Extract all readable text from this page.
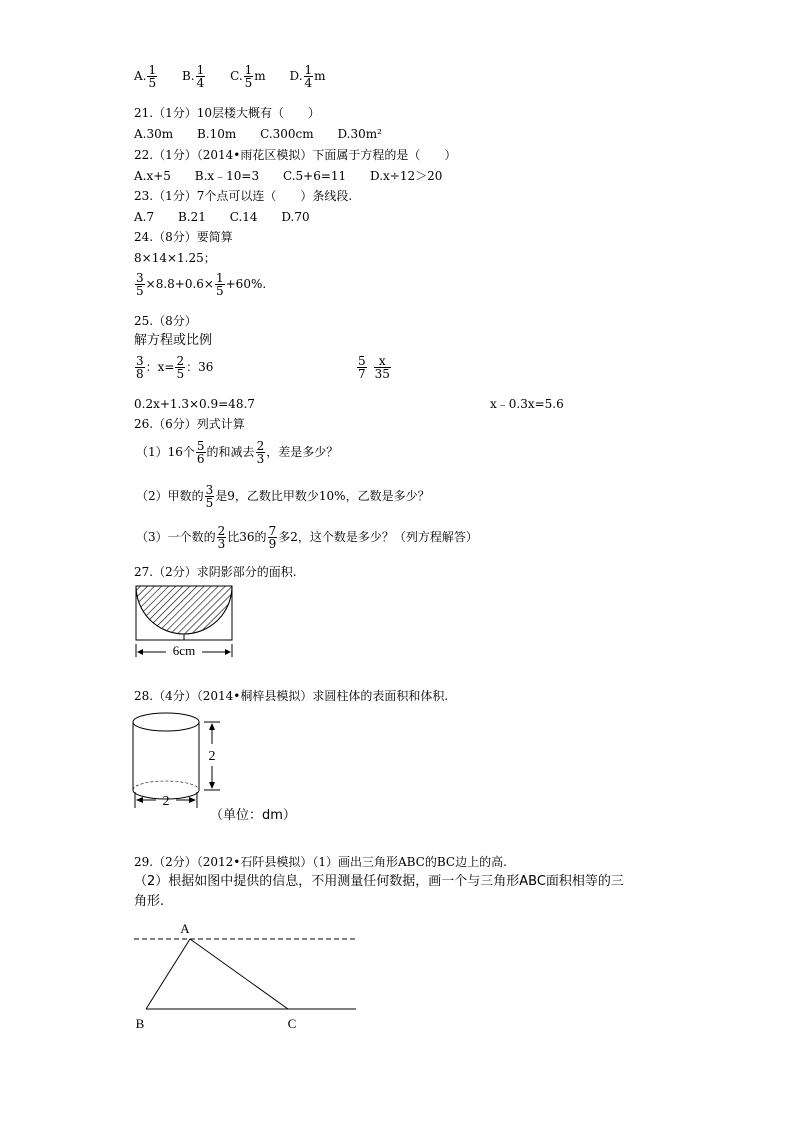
A. $\frac{1}{5} B$. $\frac{1}{4} C$. $\frac{1}{5}$ m D. $\frac{1}{4}$ m
21.（1分）10层楼大概有（　　）
A.30m B.10m C.300cm D.30m²
22.（1分）（2014•雨花区模拟）下面属于方程的是（　　）
A.x+5 B.x﹣10=3 C.5+6=11 D.x÷12＞20
23.（1分）7个点可以连（　　）条线段.
A.7 B.21 C.14 D.70
24.（8分）要简算
8×14×1.25；
$\frac{3}{5} \times 8.8+0.6\times \frac{1}{5} +60\%$.
25.（8分）
解方程或比例
$\frac{3}{8}$ ：$x= \frac{2}{5}$ ：36	$\frac{5}{7} \frac{x}{35}$
0.2x+1.3×0.9=48.7	x﹣0.3x=5.6
26.（6分）列式计算
（1）16个 $\frac{5}{6}$ 的和减去 $\frac{2}{3}$ ，差是多少？
（2）甲数的 $\frac{3}{5}$ 是9，乙数比甲数少10%，乙数是多少？
（3）一个数的 $\frac{2}{3}$ 比36的 $\frac{7}{9}$ 多2，这个数是多少？（列方程解答）
27.（2分）求阴影部分的面积.
6cm
28.（4分）（2014•桐梓县模拟）求圆柱体的表面积和体积.
2
2
（单位：dm）
29.（2分）（2012•石阡县模拟）（1）画出三角形ABC的BC边上的高.
（2）根据如图中提供的信息，不用测量任何数据，画一个与三角形ABC面积相等的三
角形.
A
B	C
